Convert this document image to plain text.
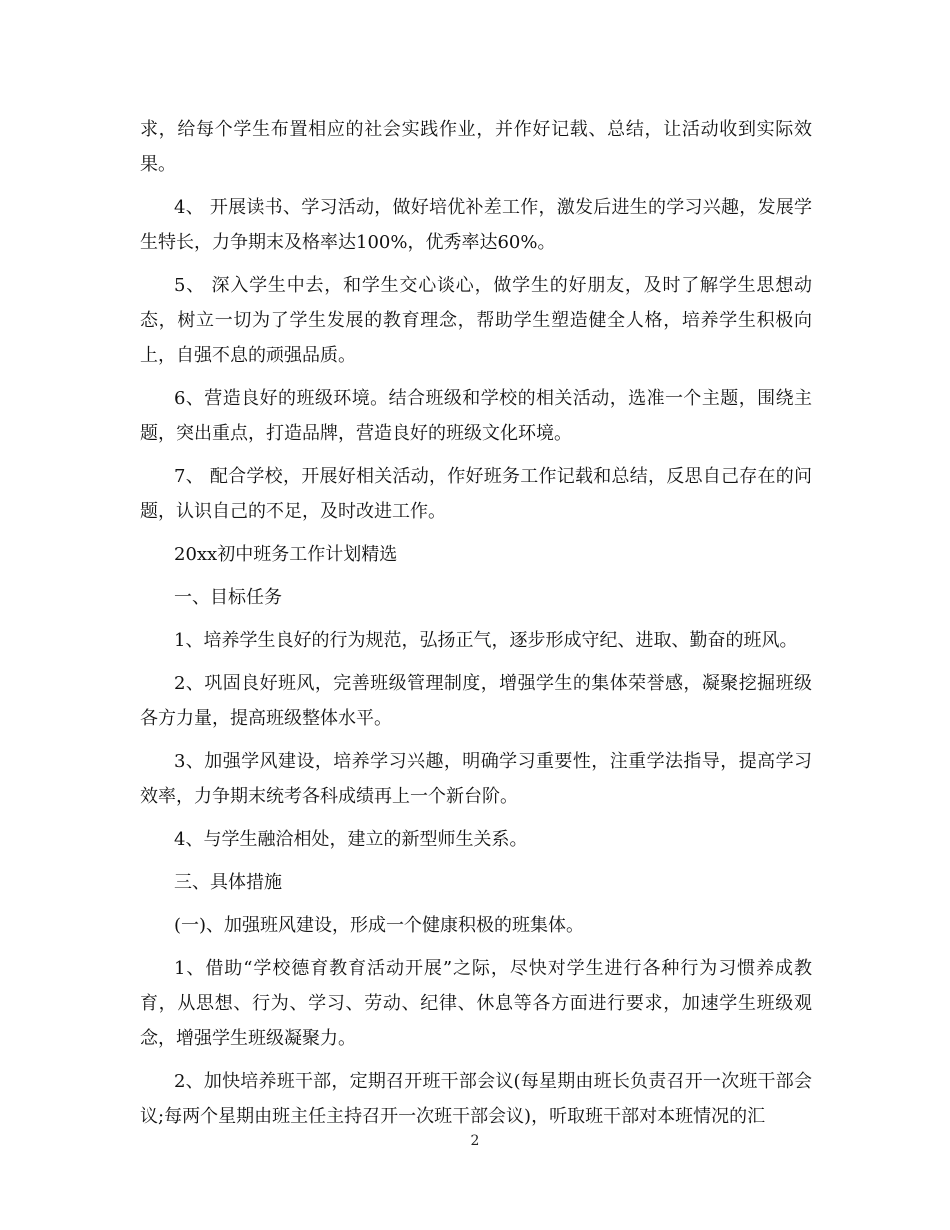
求，给每个学生布置相应的社会实践作业，并作好记载、总结，让活动收到实际效果。

4、 开展读书、学习活动，做好培优补差工作，激发后进生的学习兴趣，发展学生特长，力争期末及格率达100%，优秀率达60%。

5、 深入学生中去，和学生交心谈心，做学生的好朋友，及时了解学生思想动态，树立一切为了学生发展的教育理念，帮助学生塑造健全人格，培养学生积极向上，自强不息的顽强品质。

6、营造良好的班级环境。结合班级和学校的相关活动，选准一个主题，围绕主题，突出重点，打造品牌，营造良好的班级文化环境。

7、 配合学校，开展好相关活动，作好班务工作记载和总结，反思自己存在的问题，认识自己的不足，及时改进工作。

20xx初中班务工作计划精选

一、目标任务

1、培养学生良好的行为规范，弘扬正气，逐步形成守纪、进取、勤奋的班风。

2、巩固良好班风，完善班级管理制度，增强学生的集体荣誉感，凝聚挖掘班级各方力量，提高班级整体水平。

3、加强学风建设，培养学习兴趣，明确学习重要性，注重学法指导，提高学习效率，力争期末统考各科成绩再上一个新台阶。

4、与学生融洽相处，建立的新型师生关系。

三、具体措施

(一)、加强班风建设，形成一个健康积极的班集体。

1、借助“学校德育教育活动开展”之际，尽快对学生进行各种行为习惯养成教育，从思想、行为、学习、劳动、纪律、休息等各方面进行要求，加速学生班级观念，增强学生班级凝聚力。

2、加快培养班干部，定期召开班干部会议(每星期由班长负责召开一次班干部会议;每两个星期由班主任主持召开一次班干部会议)，听取班干部对本班情况的汇

2
